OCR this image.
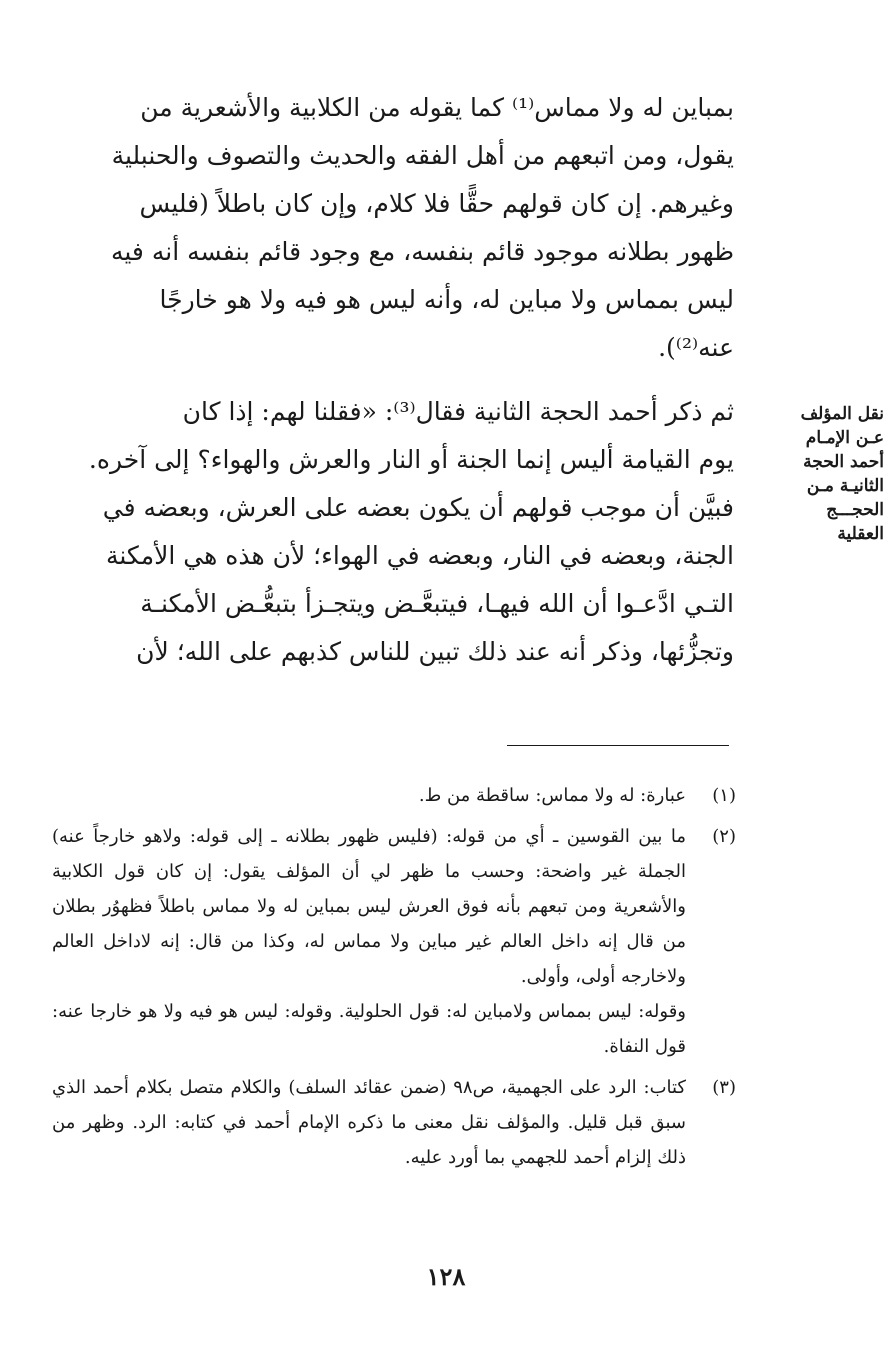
بمباين له ولا مماس⁽¹⁾ كما يقوله من الكلابية والأشعرية من

يقول، ومن اتبعهم من أهل الفقه والحديث والتصوف والحنبلية

وغيرهم. إن كان قولهم حقًّا فلا كلام، وإن كان باطلاً (فليس

ظهور بطلانه موجود قائم بنفسه، مع وجود قائم بنفسه أنه فيه

ليس بمماس ولا مباين له، وأنه ليس هو فيه ولا هو خارجًا

عنه⁽²⁾).

ثم ذكر أحمد الحجة الثانية فقال⁽³⁾: «فقلنا لهم: إذا كان

يوم القيامة أليس إنما الجنة أو النار والعرش والهواء؟ إلى آخره.

فبيَّن أن موجب قولهم أن يكون بعضه على العرش، وبعضه في

الجنة، وبعضه في النار، وبعضه في الهواء؛ لأن هذه هي الأمكنة

التـي ادَّعـوا أن الله فيهـا، فيتبعَّـض ويتجـزأ بتبعُّـض الأمكنـة

وتجزُّئها، وذكر أنه عند ذلك تبين للناس كذبهم على الله؛ لأن

نقل المؤلف
عـن الإمـام
أحمد الحجة
الثانيـة مـن
الحجـــج
العقلية
(١)

عبارة: له ولا مماس: ساقطة من ط.

(٢)

ما بين القوسين ـ أي من قوله: (فليس ظهور بطلانه ـ إلى قوله: ولاهو خارجاً عنه) الجملة غير واضحة: وحسب ما ظهر لي أن المؤلف يقول: إن كان قول الكلابية والأشعرية ومن تبعهم بأنه فوق العرش ليس بمباين له ولا مماس باطلاً فظهوُر بطلان من قال إنه داخل العالم غير مباين ولا مماس له، وكذا من قال: إنه لاداخل العالم ولاخارجه أولى، وأولى.

وقوله: ليس بمماس ولامباين له: قول الحلولية. وقوله: ليس هو فيه ولا هو خارجا عنه: قول النفاة.

(٣)

كتاب: الرد على الجهمية، ص٩٨ (ضمن عقائد السلف) والكلام متصل بكلام أحمد الذي سبق قبل قليل. والمؤلف نقل معنى ما ذكره الإمام أحمد في كتابه: الرد. وظهر من ذلك إلزام أحمد للجهمي بما أورد عليه.

١٢٨
